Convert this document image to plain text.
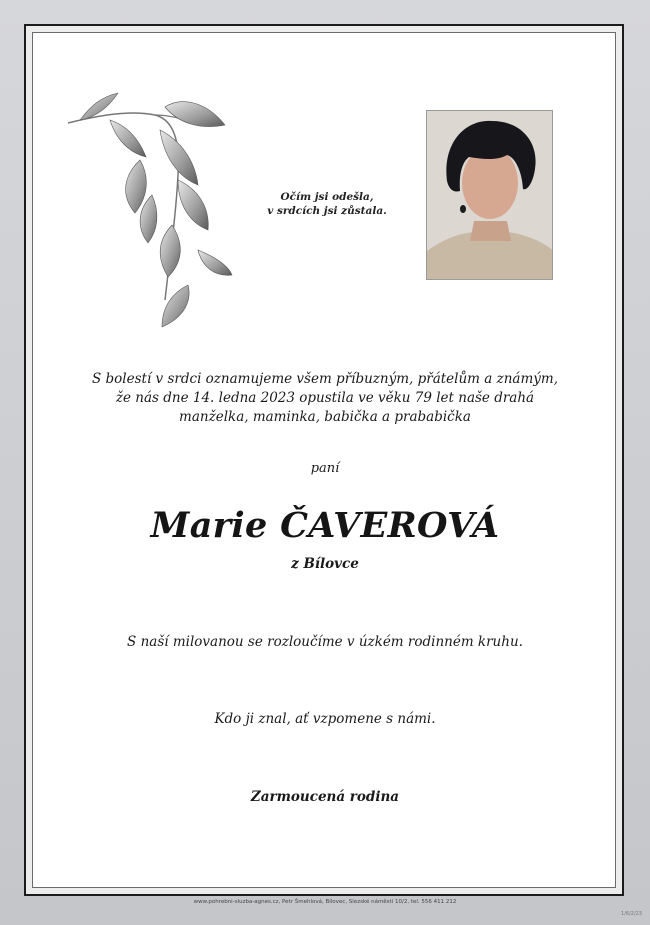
Očím jsi odešla,
v srdcích jsi zůstala.
S bolestí v srdci oznamujeme všem příbuzným, přátelům a známým,
že nás dne 14. ledna 2023 opustila ve věku 79 let naše drahá
manželka, maminka, babička a prababička
paní
Marie ČAVEROVÁ
z Bílovce
S naší milovanou se rozloučíme v úzkém rodinném kruhu.
Kdo ji znal, ať vzpomene s námi.
Zarmoucená rodina
www.pohrebni-sluzba-agnes.cz, Petr Šmehlová, Bílovec, Slezské náměstí 10/2, tel. 556 411 212
1/6/2/23
